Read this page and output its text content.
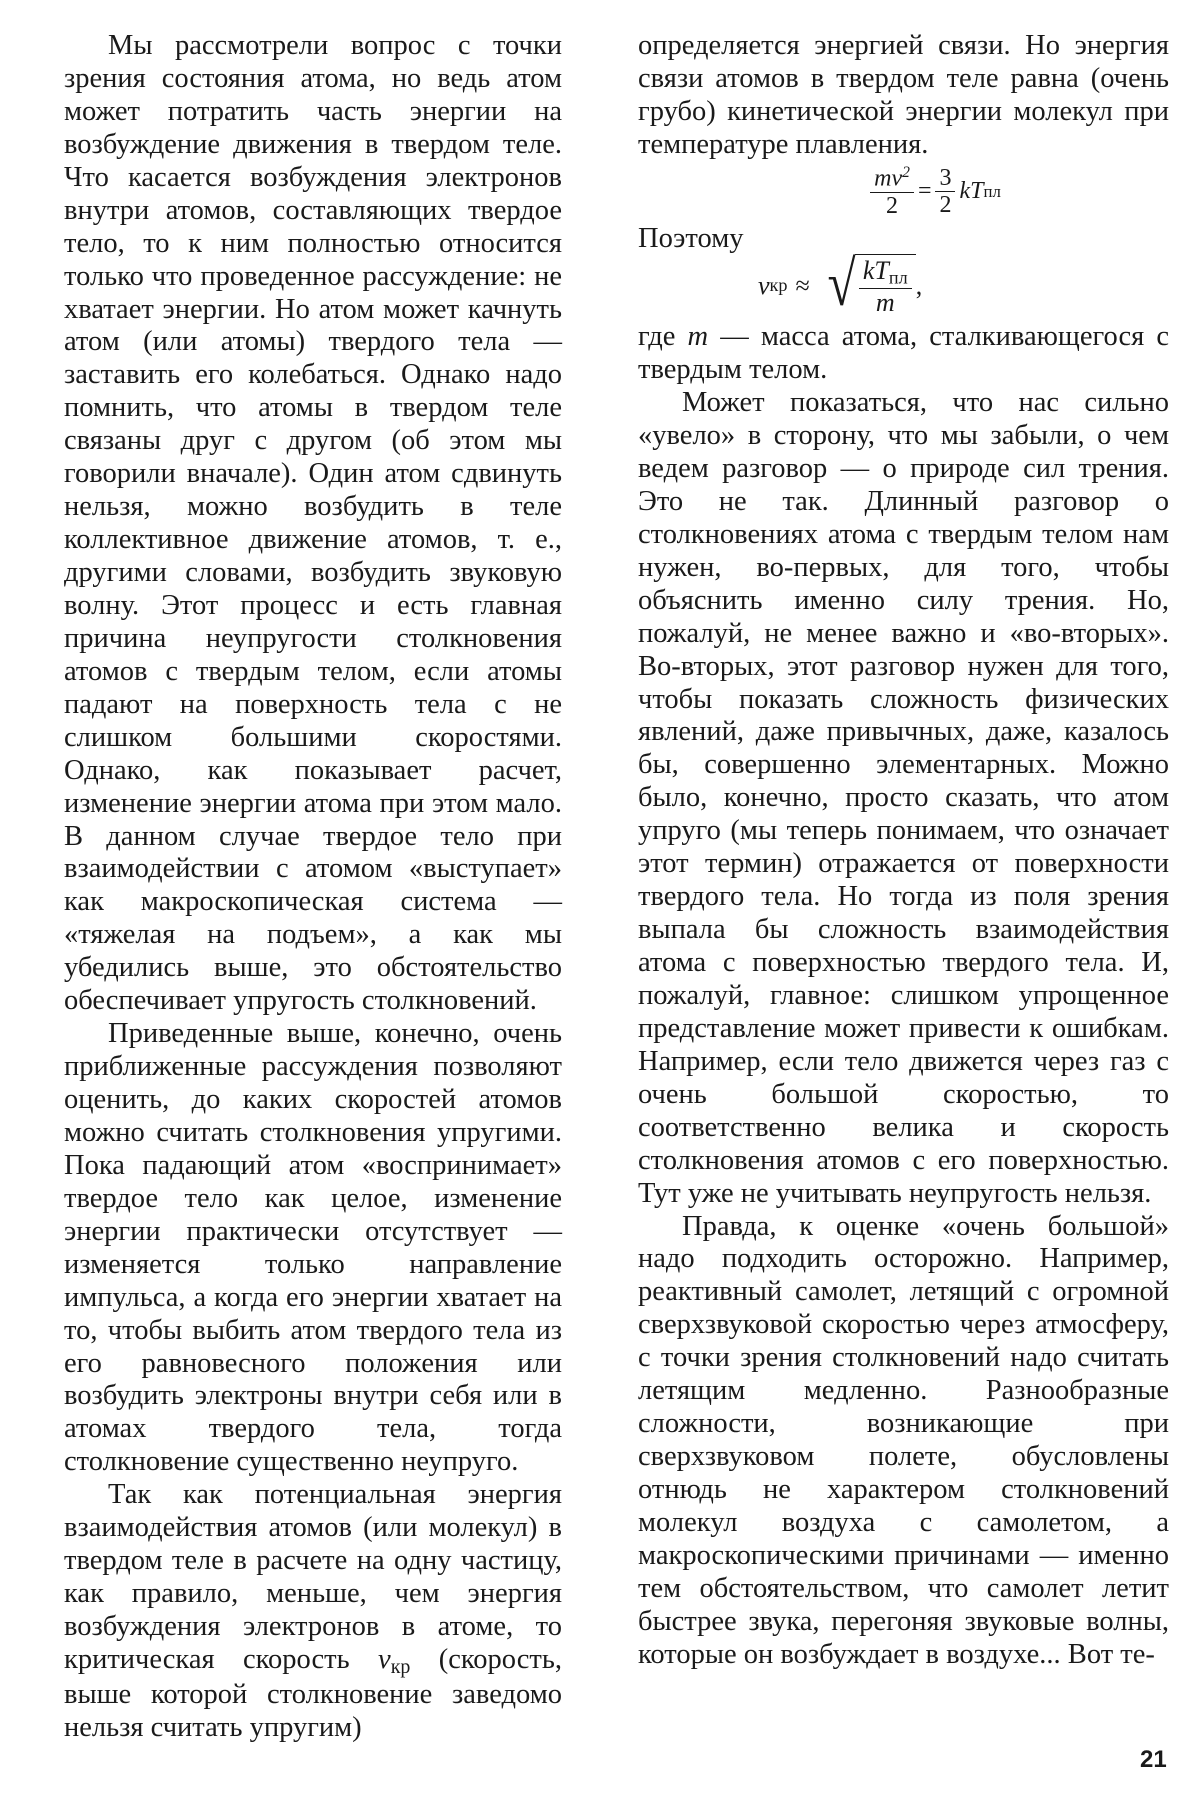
Мы рассмотрели вопрос с точки зрения состояния атома, но ведь атом может потратить часть энергии на возбуждение движения в твердом теле. Что касается возбуждения электронов внутри атомов, составляющих твердое тело, то к ним полностью относится только что проведенное рассуждение: не хватает энергии. Но атом может качнуть атом (или атомы) твердого тела — заставить его колебаться. Однако надо помнить, что атомы в твердом теле связаны друг с другом (об этом мы говорили вначале). Один атом сдвинуть нельзя, можно возбудить в теле коллективное движение атомов, т. е., другими словами, возбудить звуковую волну. Этот процесс и есть главная причина неупругости столкновения атомов с твердым телом, если атомы падают на поверхность тела с не слишком большими скоростями. Однако, как показывает расчет, изменение энергии атома при этом мало. В данном случае твердое тело при взаимодействии с атомом «выступает» как макроскопическая система — «тяжелая на подъем», а как мы убедились выше, это обстоятельство обеспечивает упругость столкновений.

Приведенные выше, конечно, очень приближенные рассуждения позволяют оценить, до каких скоростей атомов можно считать столкновения упругими. Пока падающий атом «воспринимает» твердое тело как целое, изменение энергии практически отсутствует — изменяется только направление импульса, а когда его энергии хватает на то, чтобы выбить атом твердого тела из его равновесного положения или возбудить электроны внутри себя или в атомах твердого тела, тогда столкновение существенно неупруго.

Так как потенциальная энергия взаимодействия атомов (или молекул) в твердом теле в расчете на одну частицу, как правило, меньше, чем энергия возбуждения электронов в атоме, то критическая скорость $v_{кр}$ (скорость, выше которой столкновение заведомо нельзя считать упругим)

определяется энергией связи. Но энергия связи атомов в твердом теле равна (очень грубо) кинетической энергии молекул при температуре плавления.

$\frac{mv^2}{2} = \frac{3}{2}$ kT пл

Поэтому

v кр ≈ √ $\frac{kT_{пл}}{m}$ ,

где m — масса атома, сталкивающегося с твердым телом.

Может показаться, что нас сильно «увело» в сторону, что мы забыли, о чем ведем разговор — о природе сил трения. Это не так. Длинный разговор о столкновениях атома с твердым телом нам нужен, во-первых, для того, чтобы объяснить именно силу трения. Но, пожалуй, не менее важно и «во-вторых». Во-вторых, этот разговор нужен для того, чтобы показать сложность физических явлений, даже привычных, даже, казалось бы, совершенно элементарных. Можно было, конечно, просто сказать, что атом упруго (мы теперь понимаем, что означает этот термин) отражается от поверхности твердого тела. Но тогда из поля зрения выпала бы сложность взаимодействия атома с поверхностью твердого тела. И, пожалуй, главное: слишком упрощенное представление может привести к ошибкам. Например, если тело движется через газ с очень большой скоростью, то соответственно велика и скорость столкновения атомов с его поверхностью. Тут уже не учитывать неупругость нельзя.

Правда, к оценке «очень большой» надо подходить осторожно. Например, реактивный самолет, летящий с огромной сверхзвуковой скоростью через атмосферу, с точки зрения столкновений надо считать летящим медленно. Разнообразные сложности, возникающие при сверхзвуковом полете, обусловлены отнюдь не характером столкновений молекул воздуха с самолетом, а макроскопическими причинами — именно тем обстоятельством, что самолет летит быстрее звука, перегоняя звуковые волны, которые он возбуждает в воздухе... Вот те-

21
